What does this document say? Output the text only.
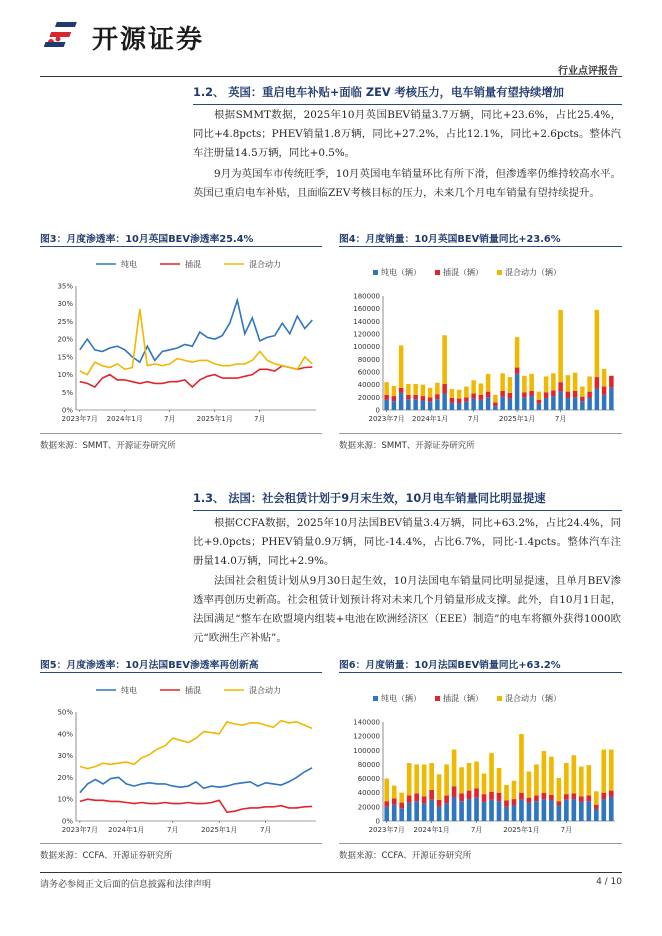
开源证券
行业点评报告
1.2、 英国：重启电车补贴+面临 ZEV 考核压力，电车销量有望持续增加
根据SMMT数据，2025年10月英国BEV销量3.7万辆，同比+23.6%，占比25.4%，同比+4.8pcts；PHEV销量1.8万辆，同比+27.2%，占比12.1%，同比+2.6pcts。整体汽车注册量14.5万辆，同比+0.5%。
9月为英国车市传统旺季，10月英国电车销量环比有所下滑，但渗透率仍维持较高水平。英国已重启电车补贴，且面临ZEV考核目标的压力，未来几个月电车销量有望持续提升。
图3：月度渗透率：10月英国BEV渗透率25.4%	图4：月度销量：10月英国BEV销量同比+23.6%
纯电	插混	混合动力
0%
5%
10%
15%
20%
25%
30%
35%
2023年7月 2024年1月	7月	2025年1月	7月
纯电（辆）	插混（辆）	混合动力（辆）
0
20000
40000
60000
80000
100000
120000
140000
160000
180000
2023年7月 2024年1月	7月	2025年1月	7月
数据来源：SMMT、开源证券研究所	数据来源：SMMT、开源证券研究所
1.3、 法国：社会租赁计划于9月末生效，10月电车销量同比明显提速
根据CCFA数据，2025年10月法国BEV销量3.4万辆，同比+63.2%，占比24.4%，同比+9.0pcts；PHEV销量0.9万辆，同比-14.4%，占比6.7%，同比-1.4pcts。整体汽车注册量14.0万辆，同比+2.9%。
法国社会租赁计划从9月30日起生效，10月法国电车销量同比明显提速，且单月BEV渗透率再创历史新高。社会租赁计划预计将对未来几个月销量形成支撑。此外，自10月1日起，法国满足“整车在欧盟境内组装+电池在欧洲经济区（EEE）制造”的电车将额外获得1000欧元“欧洲生产补贴”。
图5：月度渗透率：10月法国BEV渗透率再创新高	图6：月度销量：10月法国BEV销量同比+63.2%
纯电	插混	混合动力
0%
10%
20%
30%
40%
50%
2023年7月 2024年1月	7月	2025年1月	7月
纯电（辆）	插混（辆）	混合动力（辆）
0
20000
40000
60000
80000
100000
120000
140000
2023年7月 2024年1月	7月	2025年1月	7月
数据来源：CCFA、开源证券研究所	数据来源：CCFA、开源证券研究所
请务必参阅正文后面的信息披露和法律声明	4 / 10
